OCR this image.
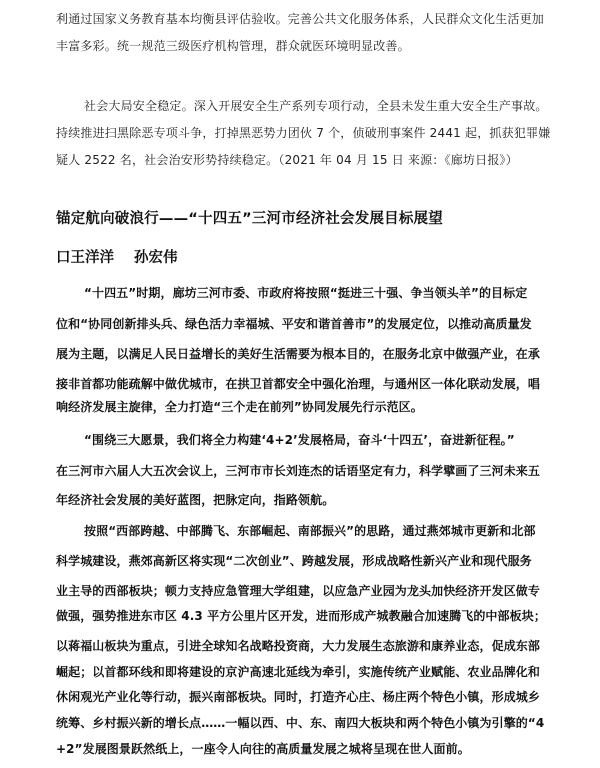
利通过国家义务教育基本均衡县评估验收。完善公共文化服务体系，人民群众文化生活更加

丰富多彩。统一规范三级医疗机构管理，群众就医环境明显改善。

社会大局安全稳定。深入开展安全生产系列专项行动，全县未发生重大安全生产事故。

持续推进扫黑除恶专项斗争，打掉黑恶势力团伙 7 个，侦破刑事案件 2441 起，抓获犯罪嫌

疑人 2522 名，社会治安形势持续稳定。（2021 年 04 月 15 日 来源：《廊坊日报》）

锚定航向破浪行——“十四五”三河市经济社会发展目标展望

口王洋洋 孙宏伟

“十四五”时期，廊坊三河市委、市政府将按照“挺进三十强、争当领头羊”的目标定

位和“协同创新排头兵、绿色活力幸福城、平安和谐首善市”的发展定位，以推动高质量发

展为主题，以满足人民日益增长的美好生活需要为根本目的，在服务北京中做强产业，在承

接非首都功能疏解中做优城市，在拱卫首都安全中强化治理，与通州区一体化联动发展，唱

响经济发展主旋律，全力打造“三个走在前列”协同发展先行示范区。

“围绕三大愿景，我们将全力构建‘4+2’发展格局，奋斗‘十四五’，奋进新征程。”

在三河市六届人大五次会议上，三河市市长刘连杰的话语坚定有力，科学擘画了三河未来五

年经济社会发展的美好蓝图，把脉定向，指路领航。

按照“西部跨越、中部腾飞、东部崛起、南部振兴”的思路，通过燕郊城市更新和北部

科学城建设，燕郊高新区将实现“二次创业”、跨越发展，形成战略性新兴产业和现代服务

业主导的西部板块；顿力支持应急管理大学组建，以应急产业园为龙头加快经济开发区做专

做强，强势推进东市区 4.3 平方公里片区开发，进而形成产城教融合加速腾飞的中部板块；

以蒋福山板块为重点，引进全球知名战略投资商，大力发展生态旅游和康养业态，促成东部

崛起；以首都环线和即将建设的京沪高速北延线为牵引，实施传统产业赋能、农业品牌化和

休闲观光产业化等行动，振兴南部板块。同时，打造齐心庄、杨庄两个特色小镇，形成城乡

统筹、乡村振兴新的增长点……一幅以西、中、东、南四大板块和两个特色小镇为引擎的“4

+2”发展图景跃然纸上，一座令人向往的高质量发展之城将呈现在世人面前。
